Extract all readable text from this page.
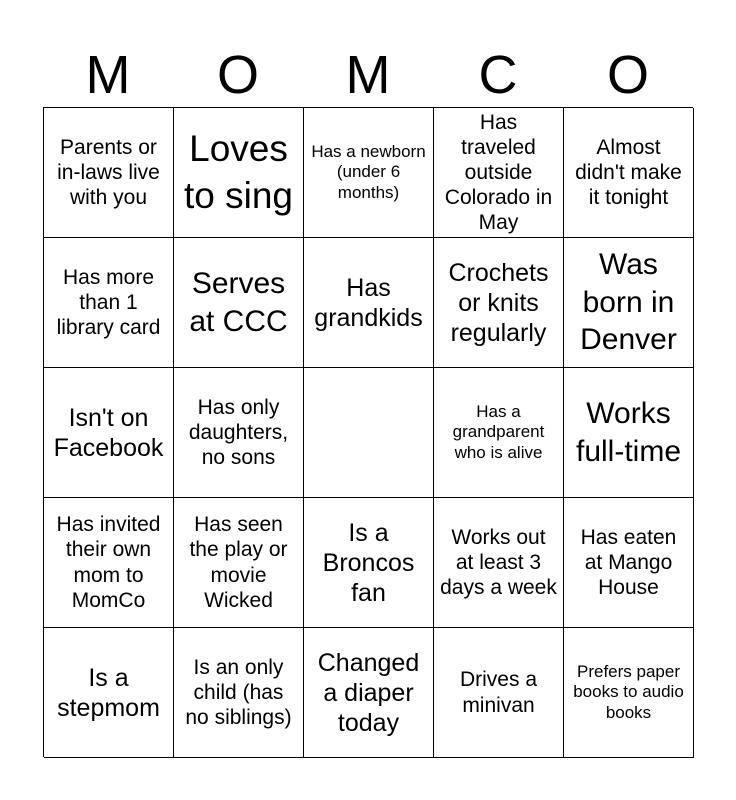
M	O	M	C	O
Parents or in-laws live with you
Loves to sing
Has a newborn (under 6 months)
Has traveled outside Colorado in May
Almost didn't make it tonight
Has more than 1 library card
Serves at CCC
Has grandkids
Crochets or knits regularly
Was born in Denver
Isn't on Facebook
Has only daughters, no sons
Has a grandparent who is alive
Works full-time
Has invited their own mom to MomCo
Has seen the play or movie Wicked
Is a Broncos fan
Works out at least 3 days a week
Has eaten at Mango House
Is a stepmom
Is an only child (has no siblings)
Changed a diaper today
Drives a minivan
Prefers paper books to audio books
